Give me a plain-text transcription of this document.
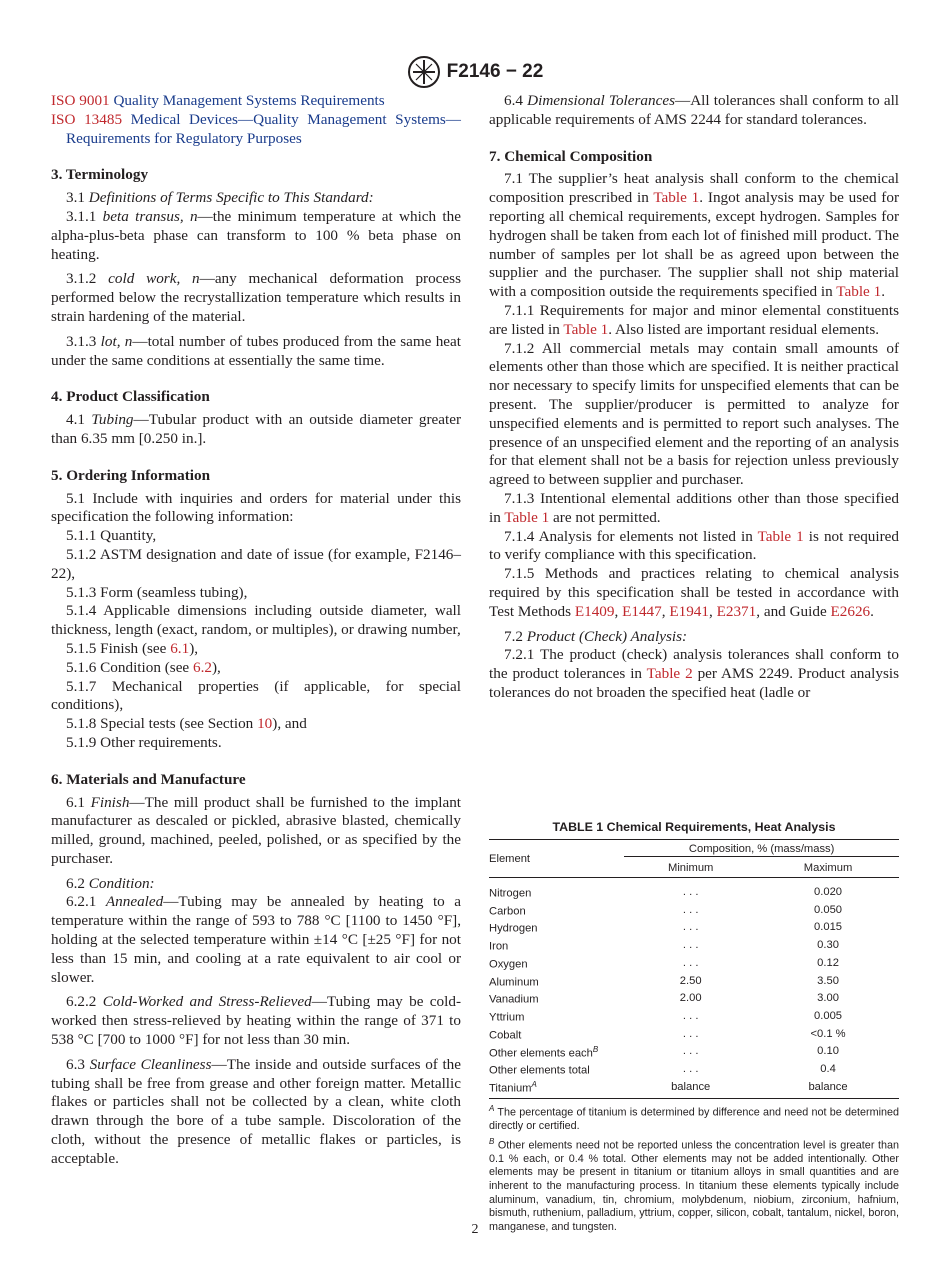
F2146 − 22

ISO 9001 Quality Management Systems Requirements

ISO 13485 Medical Devices—Quality Management Systems—Requirements for Regulatory Purposes

3. Terminology

3.1 Definitions of Terms Specific to This Standard:

3.1.1 beta transus, n—the minimum temperature at which the alpha-plus-beta phase can transform to 100 % beta phase on heating.

3.1.2 cold work, n—any mechanical deformation process performed below the recrystallization temperature which results in strain hardening of the material.

3.1.3 lot, n—total number of tubes produced from the same heat under the same conditions at essentially the same time.

4. Product Classification

4.1 Tubing—Tubular product with an outside diameter greater than 6.35 mm [0.250 in.].

5. Ordering Information

5.1 Include with inquiries and orders for material under this specification the following information:

5.1.1 Quantity,

5.1.2 ASTM designation and date of issue (for example, F2146–22),

5.1.3 Form (seamless tubing),

5.1.4 Applicable dimensions including outside diameter, wall thickness, length (exact, random, or multiples), or drawing number,

5.1.5 Finish (see 6.1),

5.1.6 Condition (see 6.2),

5.1.7 Mechanical properties (if applicable, for special conditions),

5.1.8 Special tests (see Section 10), and

5.1.9 Other requirements.

6. Materials and Manufacture

6.1 Finish—The mill product shall be furnished to the implant manufacturer as descaled or pickled, abrasive blasted, chemically milled, ground, machined, peeled, polished, or as specified by the purchaser.

6.2 Condition:

6.2.1 Annealed—Tubing may be annealed by heating to a temperature within the range of 593 to 788 °C [1100 to 1450 °F], holding at the selected temperature within ±14 °C [±25 °F] for not less than 15 min, and cooling at a rate equivalent to air cool or slower.

6.2.2 Cold-Worked and Stress-Relieved—Tubing may be cold-worked then stress-relieved by heating within the range of 371 to 538 °C [700 to 1000 °F] for not less than 30 min.

6.3 Surface Cleanliness—The inside and outside surfaces of the tubing shall be free from grease and other foreign matter. Metallic flakes or particles shall not be collected by a clean, white cloth drawn through the bore of a tube sample. Discoloration of the cloth, without the presence of metallic flakes or particles, is acceptable.

6.4 Dimensional Tolerances—All tolerances shall conform to all applicable requirements of AMS 2244 for standard tolerances.

7. Chemical Composition

7.1 The supplier’s heat analysis shall conform to the chemical composition prescribed in Table 1. Ingot analysis may be used for reporting all chemical requirements, except hydrogen. Samples for hydrogen shall be taken from each lot of finished mill product. The number of samples per lot shall be as agreed upon between the supplier and the purchaser. The supplier shall not ship material with a composition outside the requirements specified in Table 1.

7.1.1 Requirements for major and minor elemental constituents are listed in Table 1. Also listed are important residual elements.

7.1.2 All commercial metals may contain small amounts of elements other than those which are specified. It is neither practical nor necessary to specify limits for unspecified elements that can be present. The supplier/producer is permitted to analyze for unspecified elements and is permitted to report such analyses. The presence of an unspecified element and the reporting of an analysis for that element shall not be a basis for rejection unless previously agreed to between supplier and purchaser.

7.1.3 Intentional elemental additions other than those specified in Table 1 are not permitted.

7.1.4 Analysis for elements not listed in Table 1 is not required to verify compliance with this specification.

7.1.5 Methods and practices relating to chemical analysis required by this specification shall be tested in accordance with Test Methods E1409, E1447, E1941, E2371, and Guide E2626.

7.2 Product (Check) Analysis:

7.2.1 The product (check) analysis tolerances shall conform to the product tolerances in Table 2 per AMS 2249. Product analysis tolerances do not broaden the specified heat (ladle or

TABLE 1 Chemical Requirements, Heat Analysis
Element	Composition, % (mass/mass)	
	Minimum	Maximum
Nitrogen	. . .	0.020
Carbon	. . .	0.050
Hydrogen	. . .	0.015
Iron	. . .	0.30
Oxygen	. . .	0.12
Aluminum	2.50	3.50
Vanadium	2.00	3.00
Yttrium	. . .	0.005
Cobalt	. . .	<0.1 %
Other elements each$^B$	. . .	0.10
Other elements total	. . .	0.4
Titanium$^A$	balance	balance

$^A$ The percentage of titanium is determined by difference and need not be determined directly or certified.

$^B$ Other elements need not be reported unless the concentration level is greater than 0.1 % each, or 0.4 % total. Other elements may not be added intentionally. Other elements may be present in titanium or titanium alloys in small quantities and are inherent to the manufacturing process. In titanium these elements typically include aluminum, vanadium, tin, chromium, molybdenum, niobium, zirconium, hafnium, bismuth, ruthenium, palladium, yttrium, copper, silicon, cobalt, tantalum, nickel, boron, manganese, and tungsten.

2
